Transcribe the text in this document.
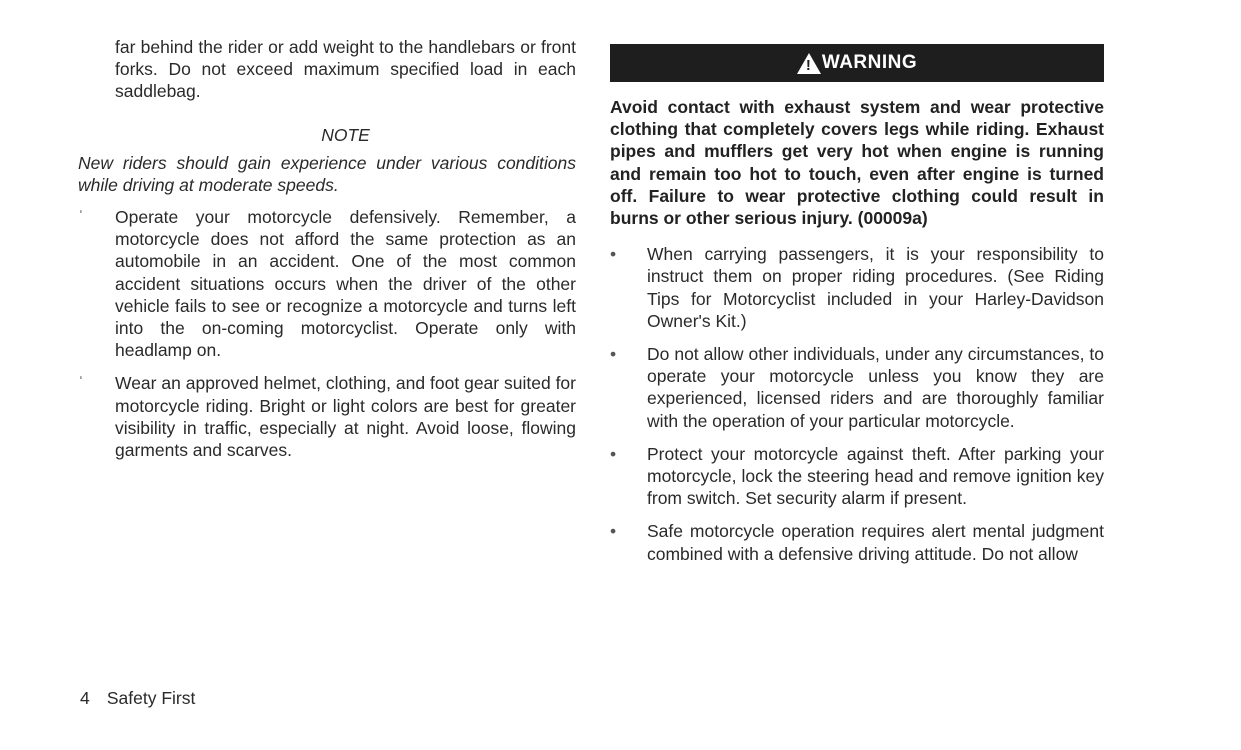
far behind the rider or add weight to the handlebars or front forks. Do not exceed maximum specified load in each saddlebag.

NOTE

New riders should gain experience under various conditions while driving at moderate speeds.

ˈ	Operate your motorcycle defensively. Remember, a motorcycle does not afford the same protection as an automobile in an accident. One of the most common accident situations occurs when the driver of the other vehicle fails to see or recognize a motorcycle and turns left into the on-coming motorcyclist. Operate only with headlamp on.

ˈ	Wear an approved helmet, clothing, and foot gear suited for motorcycle riding. Bright or light colors are best for greater visibility in traffic, especially at night. Avoid loose, flowing garments and scarves.

!
WARNING

Avoid contact with exhaust system and wear protective clothing that completely covers legs while riding. Exhaust pipes and mufflers get very hot when engine is running and remain too hot to touch, even after engine is turned off. Failure to wear protective clothing could result in burns or other serious injury. (00009a)

•	When carrying passengers, it is your responsibility to instruct them on proper riding procedures. (See Riding Tips for Motorcyclist included in your Harley-Davidson Owner's Kit.)

•	Do not allow other individuals, under any circumstances, to operate your motorcycle unless you know they are experienced, licensed riders and are thoroughly familiar with the operation of your particular motorcycle.

•	Protect your motorcycle against theft. After parking your motorcycle, lock the steering head and remove ignition key from switch. Set security alarm if present.

•	Safe motorcycle operation requires alert mental judgment combined with a defensive driving attitude. Do not allow

4 Safety First
